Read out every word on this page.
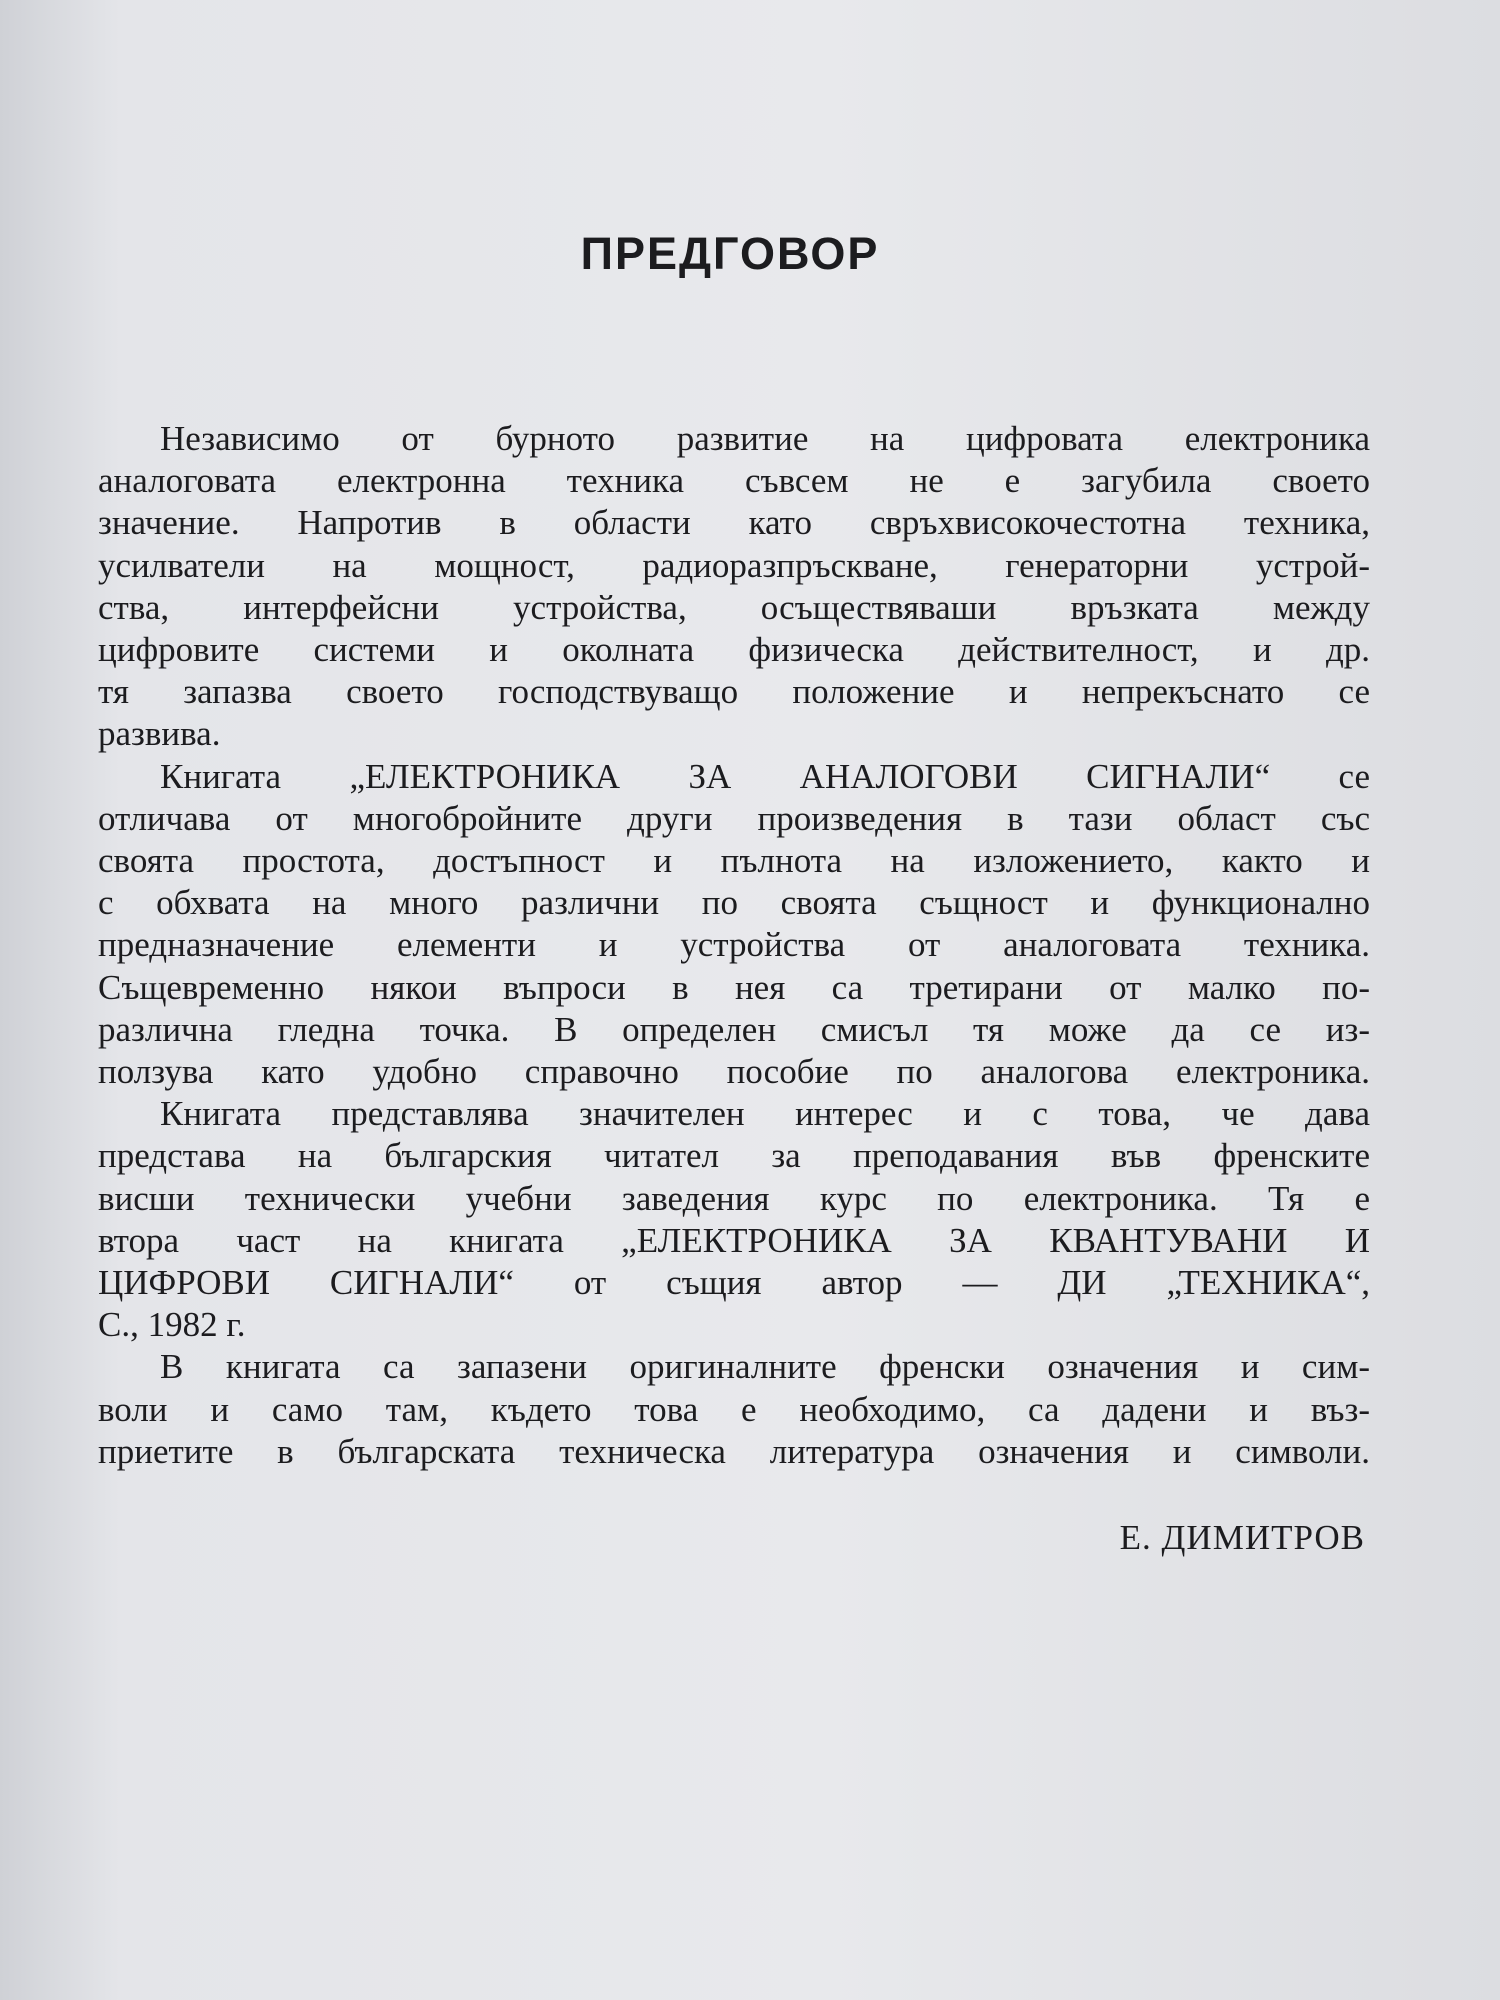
ПРЕДГОВОР
Независимо от бурното развитие на цифровата електроника
аналоговата електронна техника съвсем не е загубила своето
значение. Напротив в области като свръхвисокочестотна техника,
усилватели на мощност, радиоразпръскване, генераторни устрой-
ства, интерфейсни устройства, осъществяваши връзката между
цифровите системи и околната физическа действителност, и др.
тя запазва своето господствуващо положение и непрекъснато се
развива.
Книгата „ЕЛЕКТРОНИКА ЗА АНАЛОГОВИ СИГНАЛИ“ се
отличава от многобройните други произведения в тази област със
своята простота, достъпност и пълнота на изложението, както и
с обхвата на много различни по своята същност и функционално
предназначение елементи и устройства от аналоговата техника.
Същевременно някои въпроси в нея са третирани от малко по-
различна гледна точка. В определен смисъл тя може да се из-
ползува като удобно справочно пособие по аналогова електроника.
Книгата представлява значителен интерес и с това, че дава
представа на българския читател за преподавания във френските
висши технически учебни заведения курс по електроника. Тя е
втора част на книгата „ЕЛЕКТРОНИКА ЗА КВАНТУВАНИ И
ЦИФРОВИ СИГНАЛИ“ от същия автор — ДИ „ТЕХНИКА“,
С., 1982 г.
В книгата са запазени оригиналните френски означения и сим-
воли и само там, където това е необходимо, са дадени и въз-
приетите в българската техническа литература означения и символи.
Е. ДИМИТРОВ
